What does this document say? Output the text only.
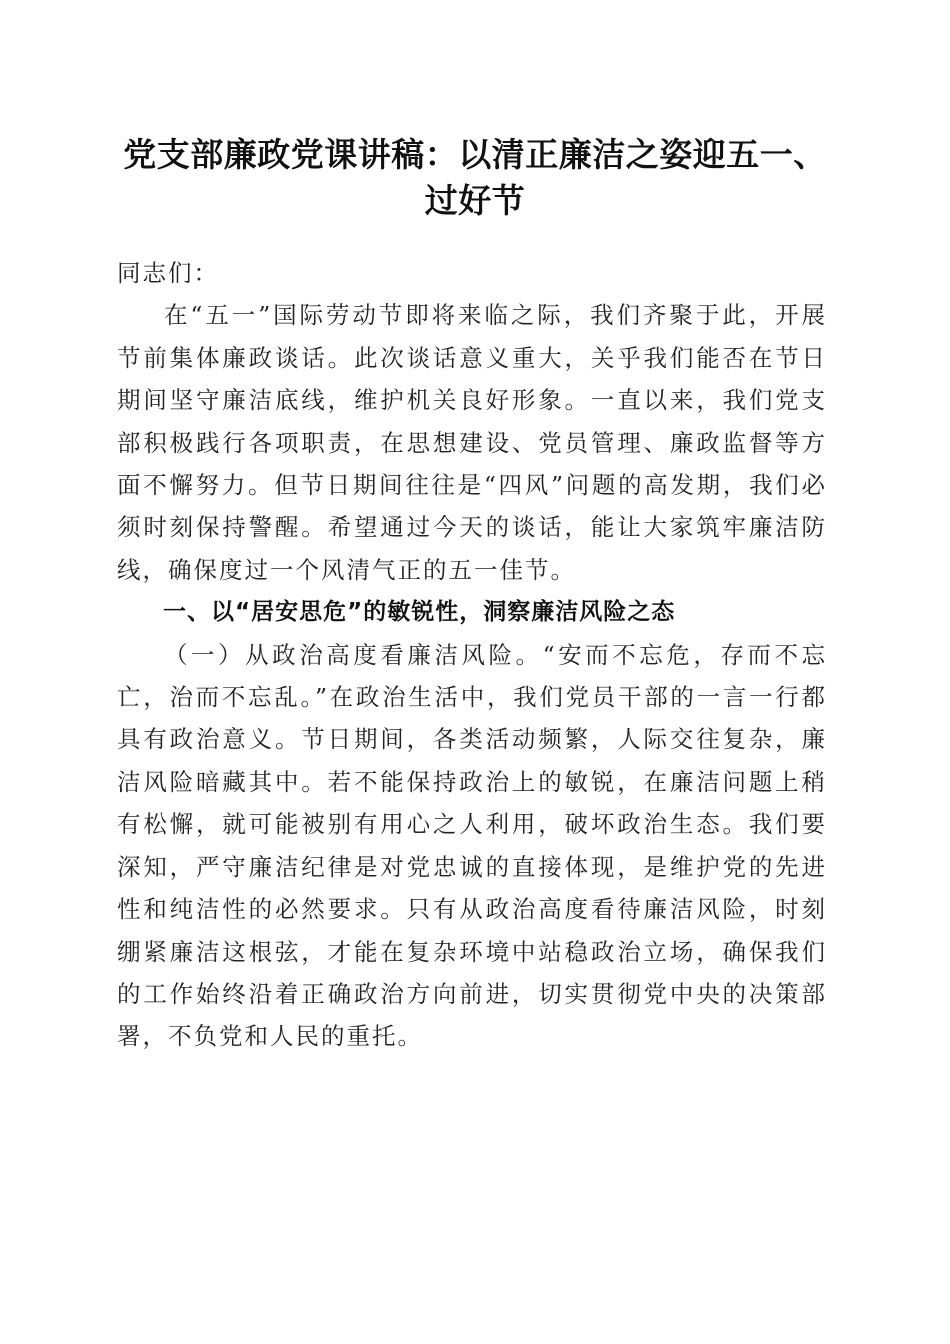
党支部廉政党课讲稿：以清正廉洁之姿迎五一、
过好节

同志们：

在“五一”国际劳动节即将来临之际，我们齐聚于此，开展节前集体廉政谈话。此次谈话意义重大，关乎我们能否在节日期间坚守廉洁底线，维护机关良好形象。一直以来，我们党支部积极践行各项职责，在思想建设、党员管理、廉政监督等方面不懈努力。但节日期间往往是“四风”问题的高发期，我们必须时刻保持警醒。希望通过今天的谈话，能让大家筑牢廉洁防线，确保度过一个风清气正的五一佳节。

一、以“居安思危”的敏锐性，洞察廉洁风险之态

（一）从政治高度看廉洁风险。“安而不忘危，存而不忘亡，治而不忘乱。”在政治生活中，我们党员干部的一言一行都具有政治意义。节日期间，各类活动频繁，人际交往复杂，廉洁风险暗藏其中。若不能保持政治上的敏锐，在廉洁问题上稍有松懈，就可能被别有用心之人利用，破坏政治生态。我们要深知，严守廉洁纪律是对党忠诚的直接体现，是维护党的先进性和纯洁性的必然要求。只有从政治高度看待廉洁风险，时刻绷紧廉洁这根弦，才能在复杂环境中站稳政治立场，确保我们的工作始终沿着正确政治方向前进，切实贯彻党中央的决策部署，不负党和人民的重托。
